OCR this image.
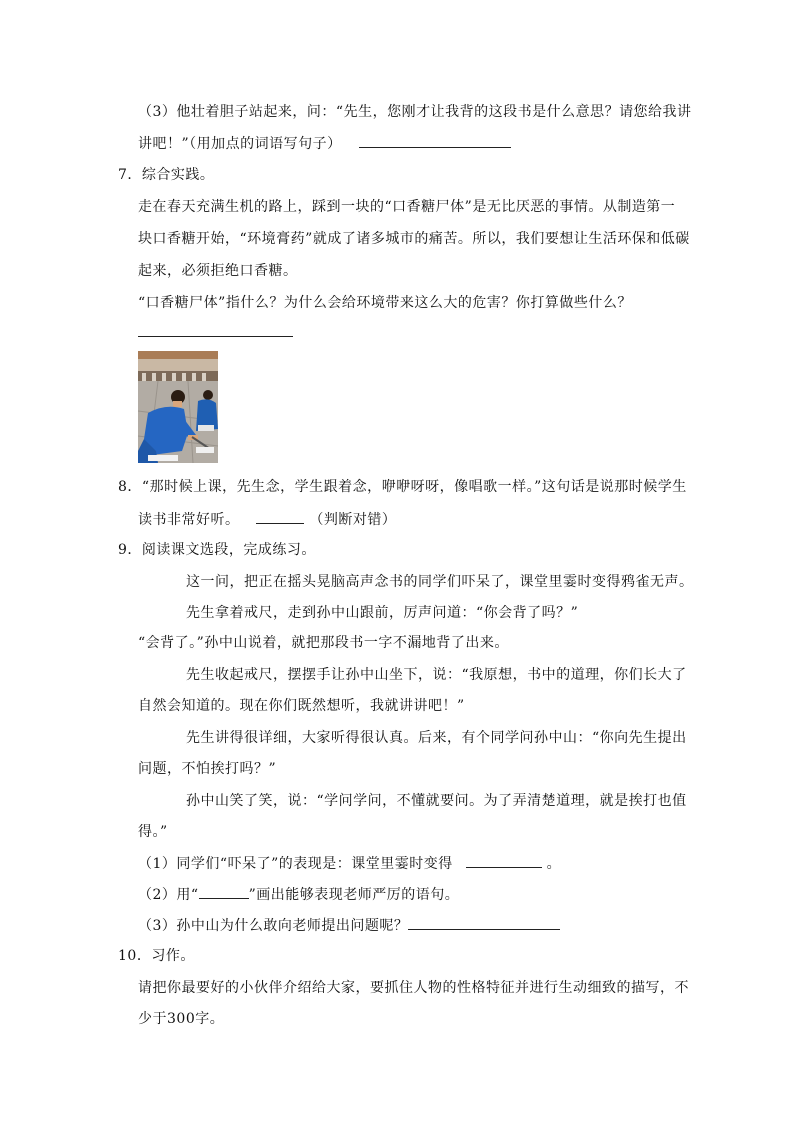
（3）他壮着胆子站起来，问：“先生，您刚才让我背的这段书是什么意思？请您给我讲
讲吧！”（用加点的词语写句子）
7．综合实践。
走在春天充满生机的路上，踩到一块的“口香糖尸体”是无比厌恶的事情。从制造第一
块口香糖开始，“环境膏药”就成了诸多城市的痛苦。所以，我们要想让生活环保和低碳
起来，必须拒绝口香糖。
“口香糖尸体”指什么？为什么会给环境带来这么大的危害？你打算做些什么？
8．“那时候上课，先生念，学生跟着念，咿咿呀呀，像唱歌一样。”这句话是说那时候学生
读书非常好听。	（判断对错）
9．阅读课文选段，完成练习。
这一问，把正在摇头晃脑高声念书的同学们吓呆了，课堂里霎时变得鸦雀无声。
先生拿着戒尺，走到孙中山跟前，厉声问道：“你会背了吗？”
“会背了。”孙中山说着，就把那段书一字不漏地背了出来。
先生收起戒尺，摆摆手让孙中山坐下，说：“我原想，书中的道理，你们长大了
自然会知道的。现在你们既然想听，我就讲讲吧！”
先生讲得很详细，大家听得很认真。后来，有个同学问孙中山：“你向先生提出
问题，不怕挨打吗？”
孙中山笑了笑，说：“学问学问，不懂就要问。为了弄清楚道理，就是挨打也值
得。”
（1）同学们“吓呆了”的表现是：课堂里霎时变得	。
（2）用“	”画出能够表现老师严厉的语句。
（3）孙中山为什么敢向老师提出问题呢？
10．习作。
请把你最要好的小伙伴介绍给大家，要抓住人物的性格特征并进行生动细致的描写，不
少于300字。
